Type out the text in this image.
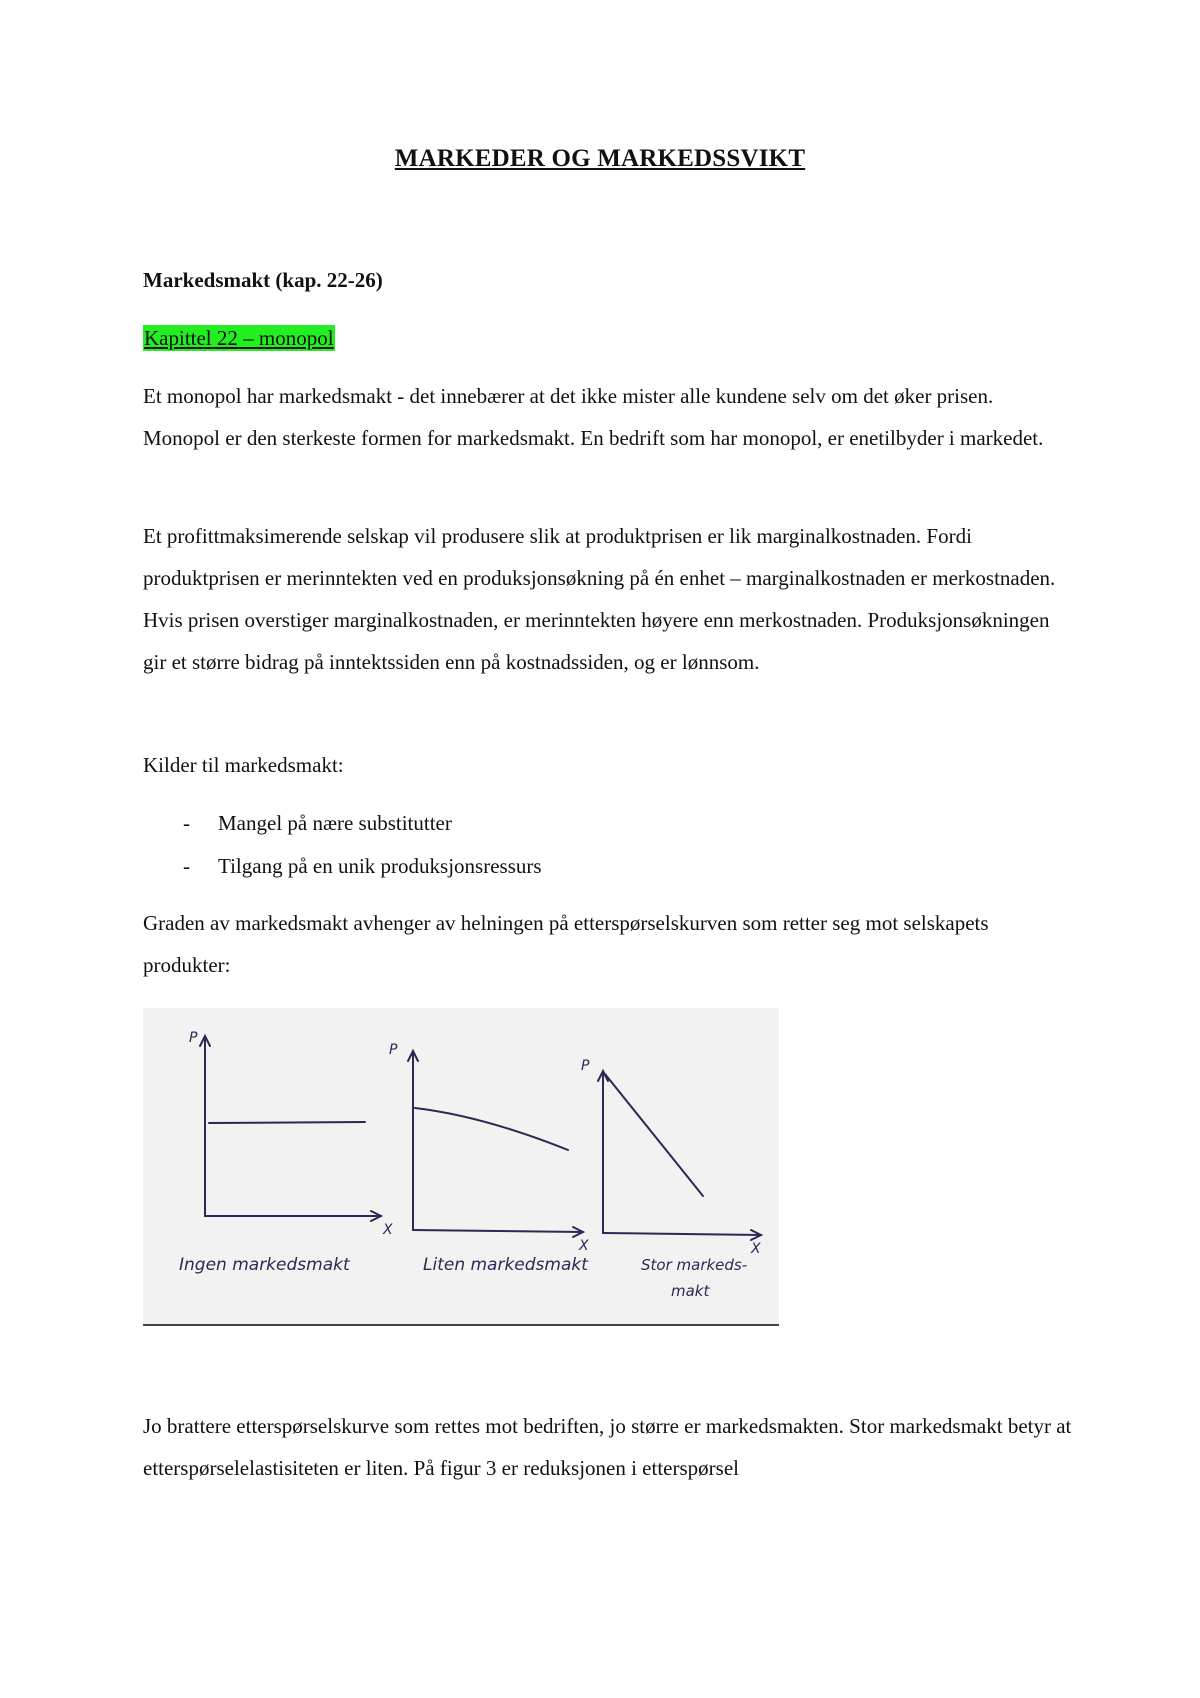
MARKEDER OG MARKEDSSVIKT
Markedsmakt (kap. 22-26)
Kapittel 22 – monopol

Et monopol har markedsmakt - det innebærer at det ikke mister alle kundene selv om det øker prisen. Monopol er den sterkeste formen for markedsmakt. En bedrift som har monopol, er enetilbyder i markedet.

Et profittmaksimerende selskap vil produsere slik at produktprisen er lik marginalkostnaden. Fordi produktprisen er merinntekten ved en produksjonsøkning på én enhet – marginalkostnaden er merkostnaden. Hvis prisen overstiger marginalkostnaden, er merinntekten høyere enn merkostnaden. Produksjonsøkningen gir et større bidrag på inntektssiden enn på kostnadssiden, og er lønnsom.

Kilder til markedsmakt:

- Mangel på nære substitutter
- Tilgang på en unik produksjonsressurs

Graden av markedsmakt avhenger av helningen på etterspørselskurven som retter seg mot selskapets produkter:

P
X
Ingen markedsmakt
P
X
Liten markedsmakt
P
X
Stor markeds-
makt

Jo brattere etterspørselskurve som rettes mot bedriften, jo større er markedsmakten. Stor markedsmakt betyr at etterspørselelastisiteten er liten. På figur 3 er reduksjonen i etterspørsel
